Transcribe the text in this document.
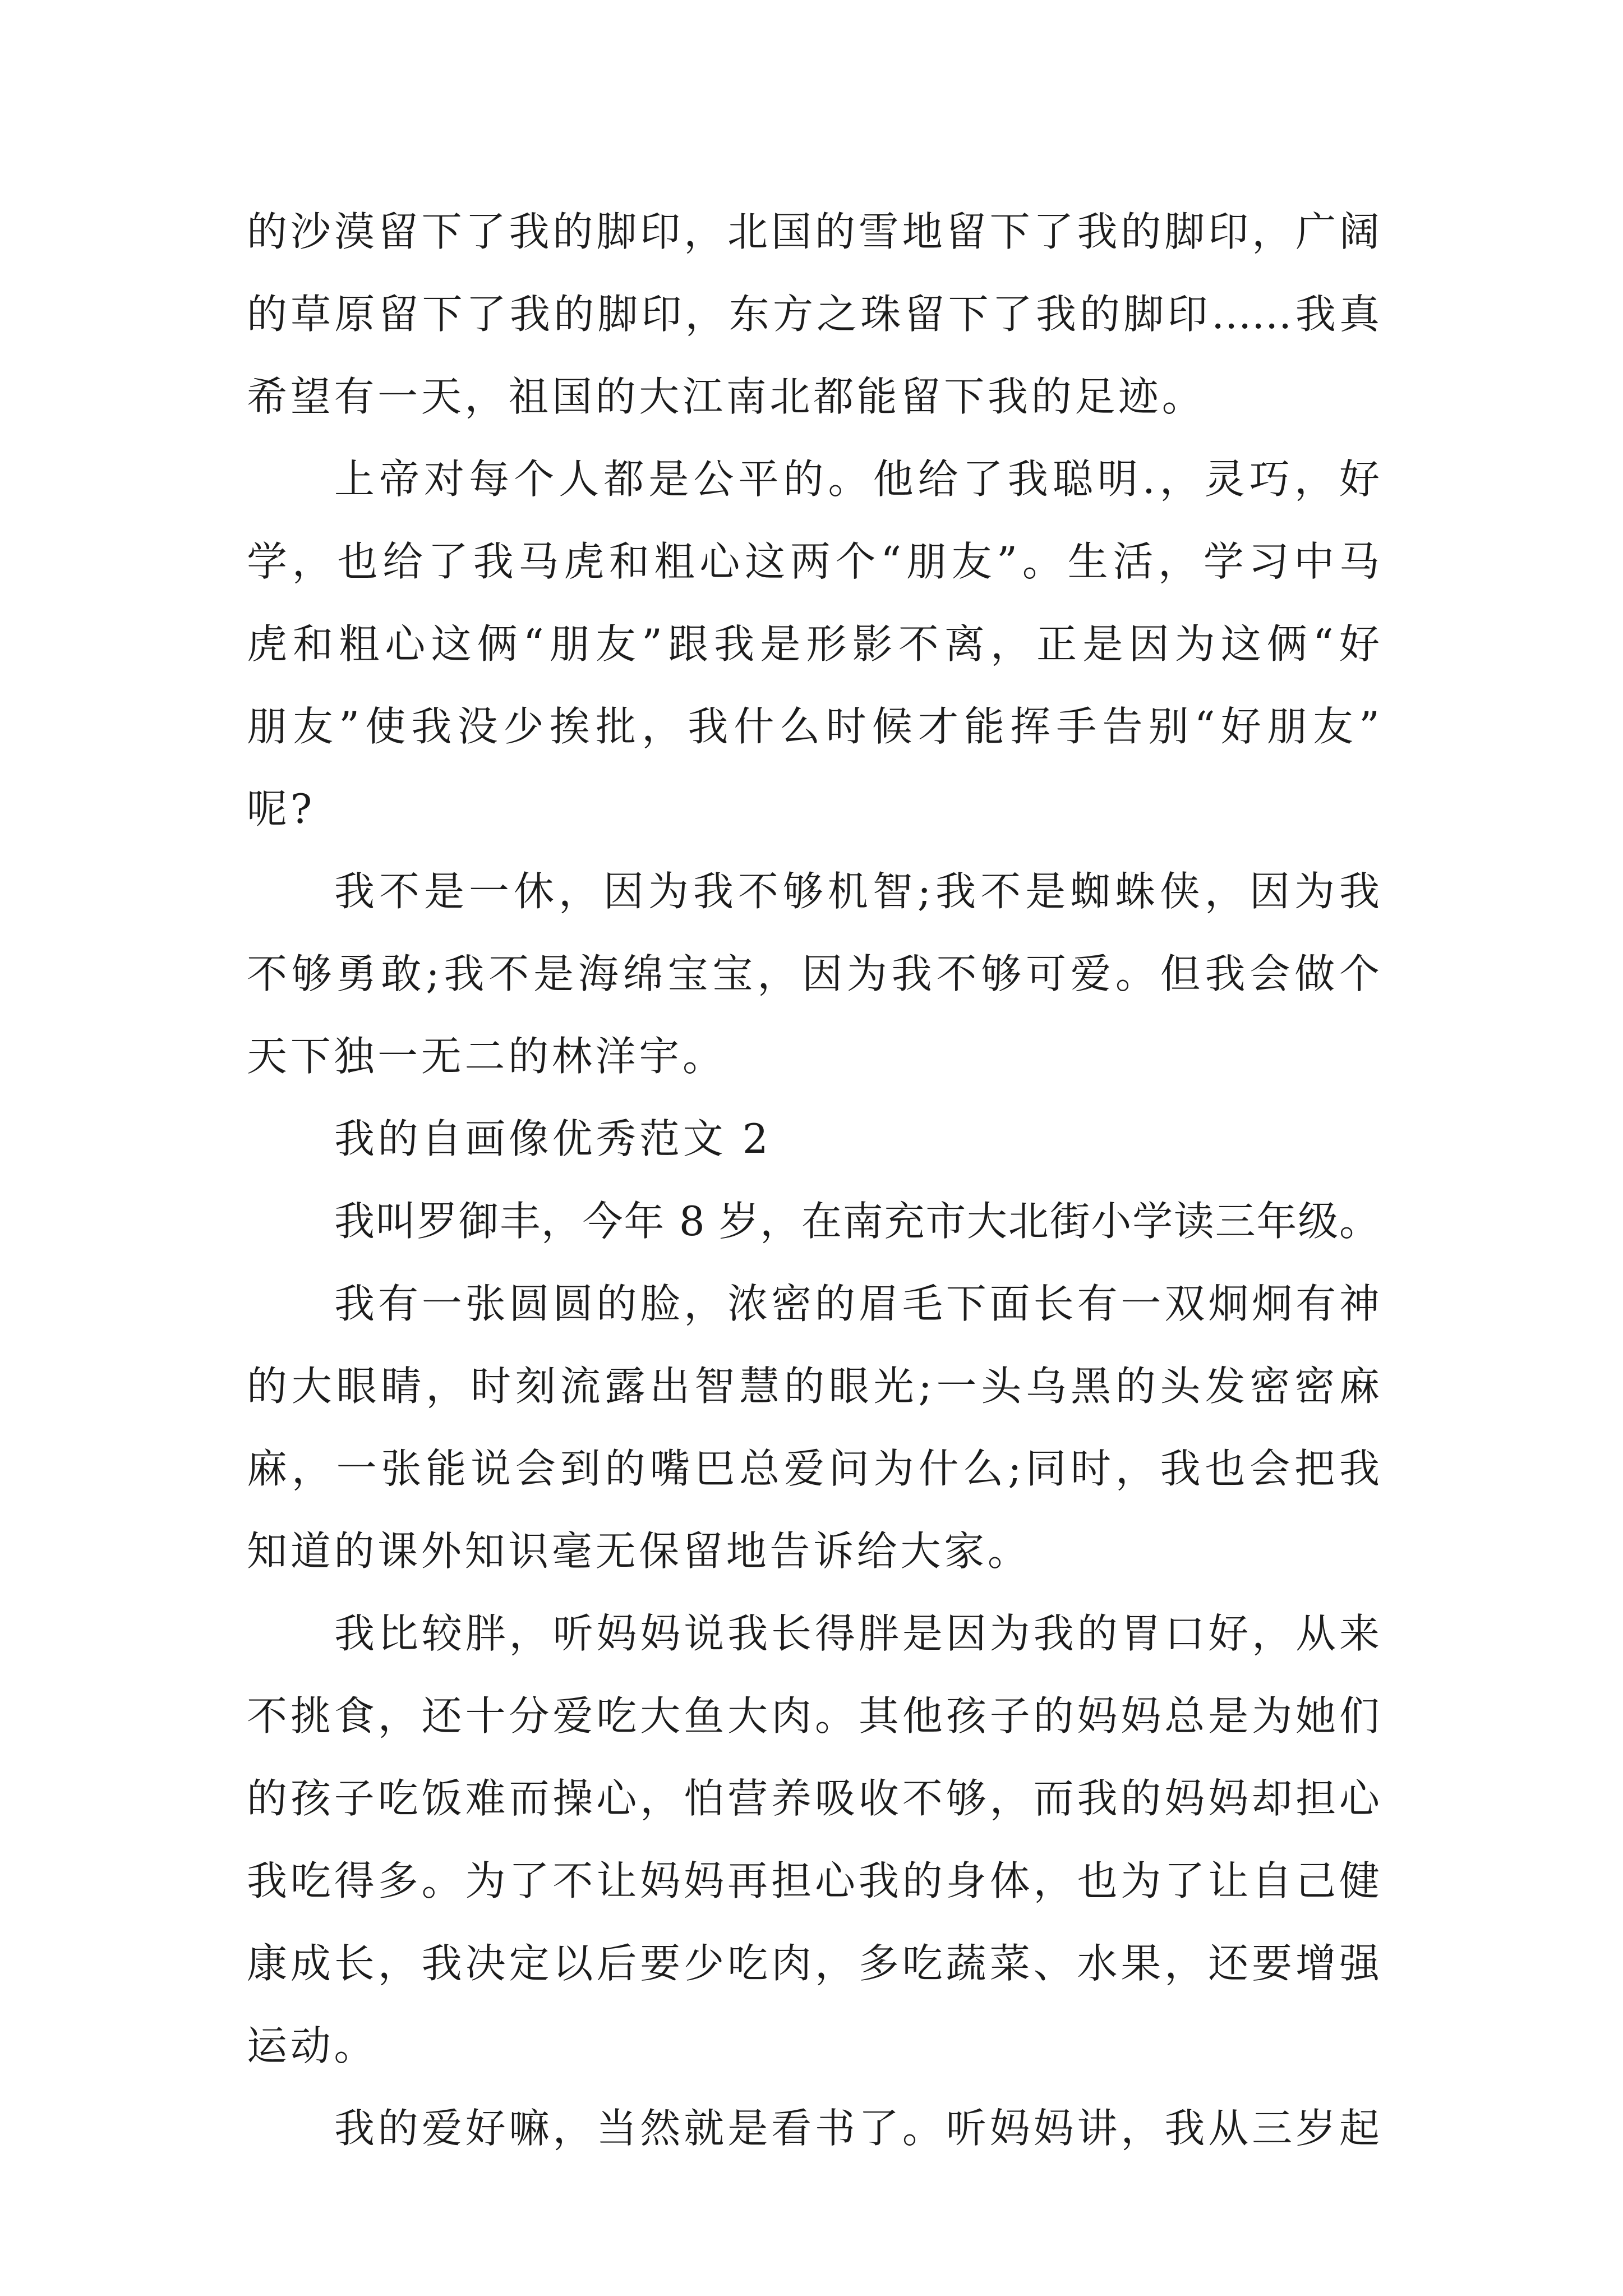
的沙漠留下了我的脚印，北国的雪地留下了我的脚印，广阔
的草原留下了我的脚印，东方之珠留下了我的脚印……我真
希望有一天，祖国的大江南北都能留下我的足迹。
上帝对每个人都是公平的。他给了我聪明.，灵巧，好
学，也给了我马虎和粗心这两个“朋友”。生活，学习中马
虎和粗心这俩“朋友”跟我是形影不离，正是因为这俩“好
朋友”使我没少挨批，我什么时候才能挥手告别“好朋友”
呢?
我不是一休，因为我不够机智;我不是蜘蛛侠，因为我
不够勇敢;我不是海绵宝宝，因为我不够可爱。但我会做个
天下独一无二的林洋宇。
我的自画像优秀范文 2
我叫罗御丰，今年 8 岁，在南充市大北街小学读三年级。
我有一张圆圆的脸，浓密的眉毛下面长有一双炯炯有神
的大眼睛，时刻流露出智慧的眼光;一头乌黑的头发密密麻
麻，一张能说会到的嘴巴总爱问为什么;同时，我也会把我
知道的课外知识毫无保留地告诉给大家。
我比较胖，听妈妈说我长得胖是因为我的胃口好，从来
不挑食，还十分爱吃大鱼大肉。其他孩子的妈妈总是为她们
的孩子吃饭难而操心，怕营养吸收不够，而我的妈妈却担心
我吃得多。为了不让妈妈再担心我的身体，也为了让自己健
康成长，我决定以后要少吃肉，多吃蔬菜、水果，还要增强
运动。
我的爱好嘛，当然就是看书了。听妈妈讲，我从三岁起
